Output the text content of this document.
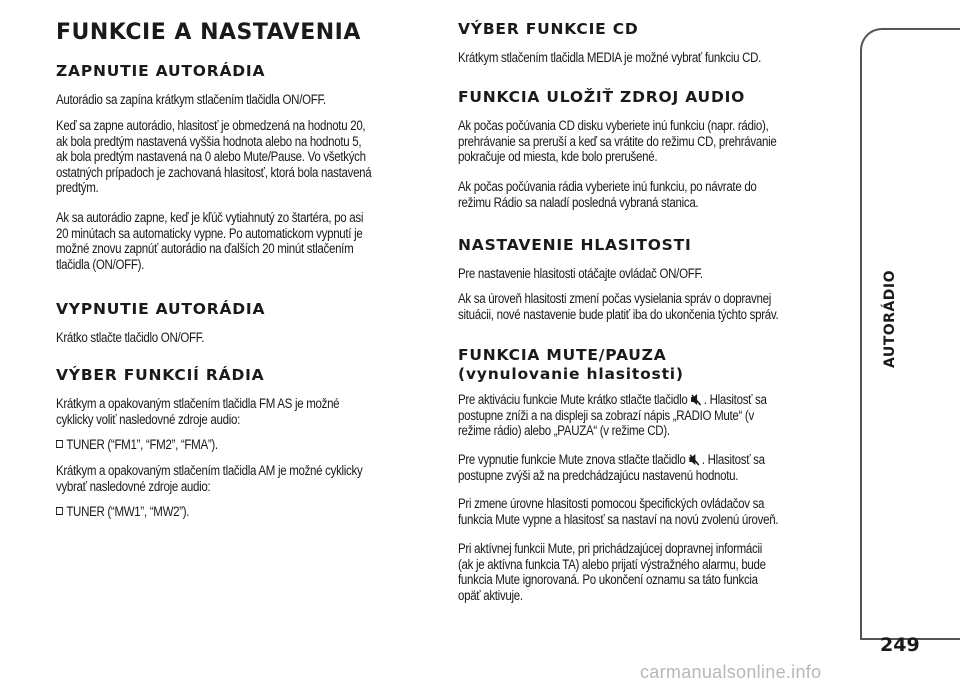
FUNKCIE A NASTAVENIA
ZAPNUTIE AUTORÁDIA

Autorádio sa zapína krátkym stlačením tlačidla ON/OFF.

Keď sa zapne autorádio, hlasitosť je obmedzená na hodnotu 20,

ak bola predtým nastavená vyššia hodnota alebo na hodnotu 5,

ak bola predtým nastavená na 0 alebo Mute/Pause. Vo všetkých

ostatných prípadoch je zachovaná hlasitosť, ktorá bola nastavená

predtým.

Ak sa autorádio zapne, keď je kľúč vytiahnutý zo štartéra, po asi

20 minútach sa automaticky vypne. Po automatickom vypnutí je

možné znovu zapnúť autorádio na ďalších 20 minút stlačením

tlačidla (ON/OFF).

VYPNUTIE AUTORÁDIA

Krátko stlačte tlačidlo ON/OFF.

VÝBER FUNKCIÍ RÁDIA

Krátkym a opakovaným stlačením tlačidla FM AS je možné

cyklicky voliť nasledovné zdroje audio:

TUNER (“FM1”, “FM2”, “FMA”).

Krátkym a opakovaným stlačením tlačidla AM je možné cyklicky

vybrať nasledovné zdroje audio:

TUNER (“MW1”, “MW2”).

VÝBER FUNKCIE CD

Krátkym stlačením tlačidla MEDIA je možné vybrať funkciu CD.

FUNKCIA ULOŽIŤ ZDROJ AUDIO

Ak počas počúvania CD disku vyberiete inú funkciu (napr. rádio),

prehrávanie sa preruší a keď sa vrátite do režimu CD, prehrávanie

pokračuje od miesta, kde bolo prerušené.

Ak počas počúvania rádia vyberiete inú funkciu, po návrate do

režimu Rádio sa naladí posledná vybraná stanica.

NASTAVENIE HLASITOSTI

Pre nastavenie hlasitosti otáčajte ovládač ON/OFF.

Ak sa úroveň hlasitosti zmení počas vysielania správ o dopravnej

situácii, nové nastavenie bude platiť iba do ukončenia týchto správ.

FUNKCIA MUTE/PAUZA
(vynulovanie hlasitosti)

Pre aktiváciu funkcie Mute krátko stlačte tlačidlo . Hlasitosť sa

postupne zníži a na displeji sa zobrazí nápis „RADIO Mute“ (v

režime rádio) alebo „PAUZA“ (v režime CD).

Pre vypnutie funkcie Mute znova stlačte tlačidlo . Hlasitosť sa

postupne zvýši až na predchádzajúcu nastavenú hodnotu.

Pri zmene úrovne hlasitosti pomocou špecifických ovládačov sa

funkcia Mute vypne a hlasitosť sa nastaví na novú zvolenú úroveň.

Pri aktívnej funkcii Mute, pri prichádzajúcej dopravnej informácii

(ak je aktívna funkcia TA) alebo prijatí výstražného alarmu, bude

funkcia Mute ignorovaná. Po ukončení oznamu sa táto funkcia

opäť aktivuje.

AUTORÁDIO
249
carmanualsonline.info
